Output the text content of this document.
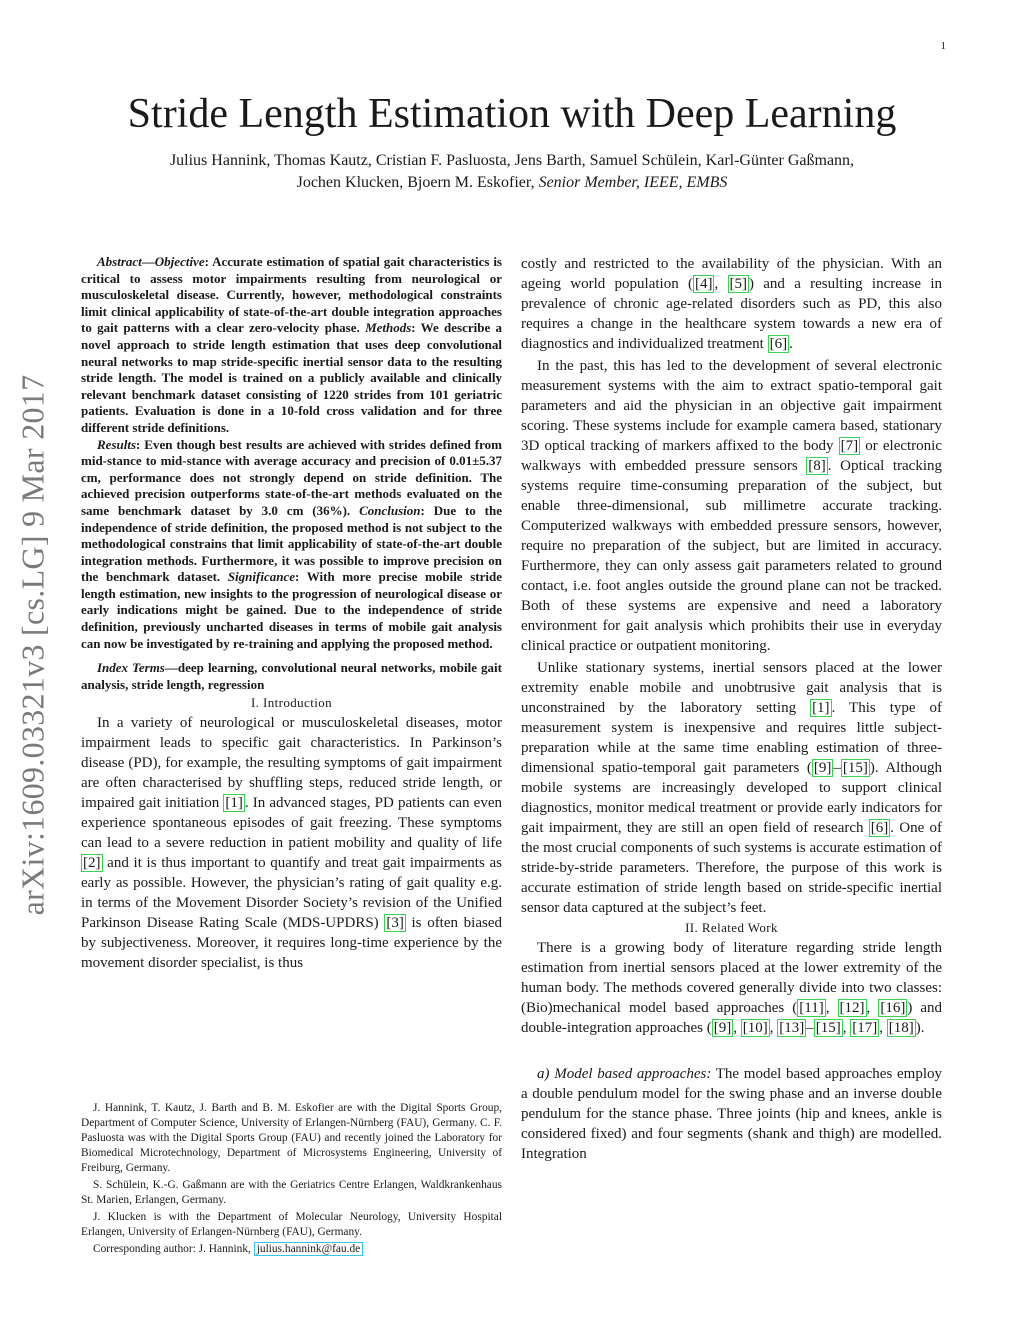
1
arXiv:1609.03321v3 [cs.LG] 9 Mar 2017
Stride Length Estimation with Deep Learning
Julius Hannink, Thomas Kautz, Cristian F. Pasluosta, Jens Barth, Samuel Schülein, Karl-Günter Gaßmann,
Jochen Klucken, Bjoern M. Eskofier, Senior Member, IEEE, EMBS

Abstract—Objective: Accurate estimation of spatial gait characteristics is critical to assess motor impairments resulting from neurological or musculoskeletal disease. Currently, however, methodological constraints limit clinical applicability of state-of-the-art double integration approaches to gait patterns with a clear zero-velocity phase. Methods: We describe a novel approach to stride length estimation that uses deep convolutional neural networks to map stride-specific inertial sensor data to the resulting stride length. The model is trained on a publicly available and clinically relevant benchmark dataset consisting of 1220 strides from 101 geriatric patients. Evaluation is done in a 10-fold cross validation and for three different stride definitions.

Results: Even though best results are achieved with strides defined from mid-stance to mid-stance with average accuracy and precision of 0.01±5.37 cm, performance does not strongly depend on stride definition. The achieved precision outperforms state-of-the-art methods evaluated on the same benchmark dataset by 3.0 cm (36%). Conclusion: Due to the independence of stride definition, the proposed method is not subject to the methodological constrains that limit applicability of state-of-the-art double integration methods. Furthermore, it was possible to improve precision on the benchmark dataset. Significance: With more precise mobile stride length estimation, new insights to the progression of neurological disease or early indications might be gained. Due to the independence of stride definition, previously uncharted diseases in terms of mobile gait analysis can now be investigated by re-training and applying the proposed method.

Index Terms—deep learning, convolutional neural networks, mobile gait analysis, stride length, regression

I. Introduction

In a variety of neurological or musculoskeletal diseases, motor impairment leads to specific gait characteristics. In Parkinson’s disease (PD), for example, the resulting symptoms of gait impairment are often characterised by shuffling steps, reduced stride length, or impaired gait initiation [1] . In advanced stages, PD patients can even experience spontaneous episodes of gait freezing. These symptoms can lead to a severe reduction in patient mobility and quality of life [2] and it is thus important to quantify and treat gait impairments as early as possible. However, the physician’s rating of gait quality e.g. in terms of the Movement Disorder Society’s revision of the Unified Parkinson Disease Rating Scale (MDS-UPDRS) [3] is often biased by subjectiveness. Moreover, it requires long-time experience by the movement disorder specialist, is thus

J. Hannink, T. Kautz, J. Barth and B. M. Eskofier are with the Digital Sports Group, Department of Computer Science, University of Erlangen-Nürnberg (FAU), Germany. C. F. Pasluosta was with the Digital Sports Group (FAU) and recently joined the Laboratory for Biomedical Microtechnology, Department of Microsystems Engineering, University of Freiburg, Germany.

S. Schülein, K.-G. Gaßmann are with the Geriatrics Centre Erlangen, Waldkrankenhaus St. Marien, Erlangen, Germany.

J. Klucken is with the Department of Molecular Neurology, University Hospital Erlangen, University of Erlangen-Nürnberg (FAU), Germany.

Corresponding author: J. Hannink, julius.hannink@fau.de

costly and restricted to the availability of the physician. With an ageing world population ( [4] , [5] ) and a resulting increase in prevalence of chronic age-related disorders such as PD, this also requires a change in the healthcare system towards a new era of diagnostics and individualized treatment [6] .

In the past, this has led to the development of several electronic measurement systems with the aim to extract spatio-temporal gait parameters and aid the physician in an objective gait impairment scoring. These systems include for example camera based, stationary 3D optical tracking of markers affixed to the body [7] or electronic walkways with embedded pressure sensors [8] . Optical tracking systems require time-consuming preparation of the subject, but enable three-dimensional, sub millimetre accurate tracking. Computerized walkways with embedded pressure sensors, however, require no preparation of the subject, but are limited in accuracy. Furthermore, they can only assess gait parameters related to ground contact, i.e. foot angles outside the ground plane can not be tracked. Both of these systems are expensive and need a laboratory environment for gait analysis which prohibits their use in everyday clinical practice or outpatient monitoring.

Unlike stationary systems, inertial sensors placed at the lower extremity enable mobile and unobtrusive gait analysis that is unconstrained by the laboratory setting [1] . This type of measurement system is inexpensive and requires little subject-preparation while at the same time enabling estimation of three-dimensional spatio-temporal gait parameters ( [9] – [15] ). Although mobile systems are increasingly developed to support clinical diagnostics, monitor medical treatment or provide early indicators for gait impairment, they are still an open field of research [6] . One of the most crucial components of such systems is accurate estimation of stride-by-stride parameters. Therefore, the purpose of this work is accurate estimation of stride length based on stride-specific inertial sensor data captured at the subject’s feet.

II. Related Work

There is a growing body of literature regarding stride length estimation from inertial sensors placed at the lower extremity of the human body. The methods covered generally divide into two classes: (Bio)mechanical model based approaches ( [11] , [12] , [16] ) and double-integration approaches ( [9] , [10] , [13] – [15] , [17] , [18] ).

a) Model based approaches: The model based approaches employ a double pendulum model for the swing phase and an inverse double pendulum for the stance phase. Three joints (hip and knees, ankle is considered fixed) and four segments (shank and thigh) are modelled. Integration
